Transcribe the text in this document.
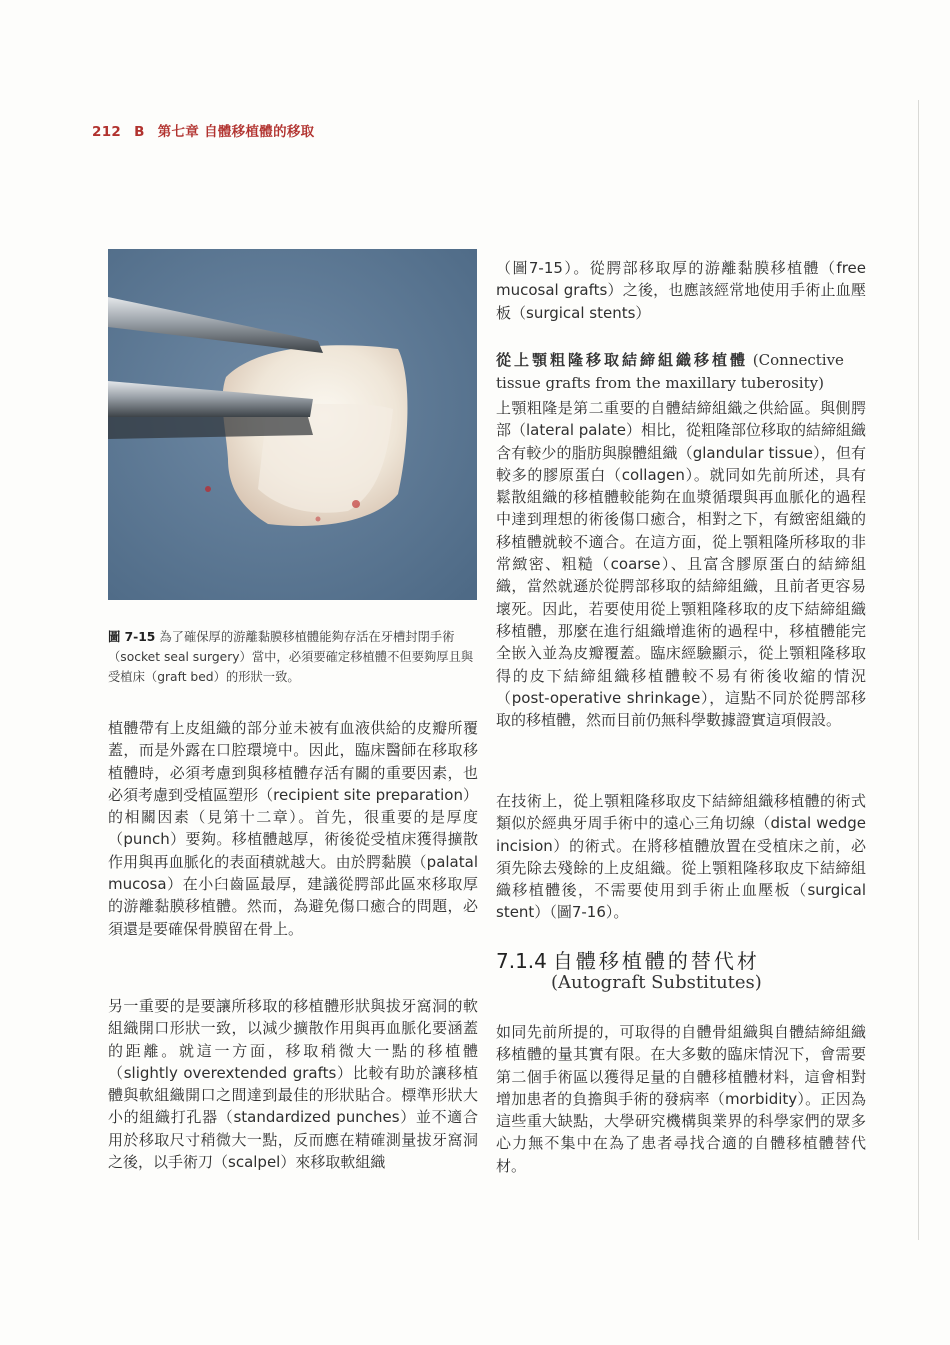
212 B 第七章 自體移植體的移取
圖 7-15 為了確保厚的游離黏膜移植體能夠存活在牙槽封閉手術（socket seal surgery）當中，必須要確定移植體不但要夠厚且與受植床（graft bed）的形狀一致。
植體帶有上皮組織的部分並未被有血液供給的皮瓣所覆蓋，而是外露在口腔環境中。因此，臨床醫師在移取移植體時，必須考慮到與移植體存活有關的重要因素，也必須考慮到受植區塑形（recipient site preparation）的相關因素（見第十二章）。首先，很重要的是厚度（punch）要夠。移植體越厚，術後從受植床獲得擴散作用與再血脈化的表面積就越大。由於腭黏膜（palatal mucosa）在小臼齒區最厚，建議從腭部此區來移取厚的游離黏膜移植體。然而，為避免傷口癒合的問題，必須還是要確保骨膜留在骨上。
另一重要的是要讓所移取的移植體形狀與拔牙窩洞的軟組織開口形狀一致，以減少擴散作用與再血脈化要涵蓋的距離。就這一方面，移取稍微大一點的移植體（slightly overextended grafts）比較有助於讓移植體與軟組織開口之間達到最佳的形狀貼合。標準形狀大小的組織打孔器（standardized punches）並不適合用於移取尺寸稍微大一點，反而應在精確測量拔牙窩洞之後，以手術刀（scalpel）來移取軟組織
（圖7-15）。從腭部移取厚的游離黏膜移植體（free mucosal grafts）之後，也應該經常地使用手術止血壓板（surgical stents）
從上顎粗隆移取結締組織移植體 (Connective tissue grafts from the maxillary tuberosity)
上顎粗隆是第二重要的自體結締組織之供給區。與側腭部（lateral palate）相比，從粗隆部位移取的結締組織含有較少的脂肪與腺體組織（glandular tissue），但有較多的膠原蛋白（collagen）。就同如先前所述，具有鬆散組織的移植體較能夠在血漿循環與再血脈化的過程中達到理想的術後傷口癒合，相對之下，有緻密組織的移植體就較不適合。在這方面，從上顎粗隆所移取的非常緻密、粗糙（coarse）、且富含膠原蛋白的結締組織，當然就遜於從腭部移取的結締組織，且前者更容易壞死。因此，若要使用從上顎粗隆移取的皮下結締組織移植體，那麼在進行組織增進術的過程中，移植體能完全嵌入並為皮瓣覆蓋。臨床經驗顯示，從上顎粗隆移取得的皮下結締組織移植體較不易有術後收縮的情況（post-operative shrinkage），這點不同於從腭部移取的移植體，然而目前仍無科學數據證實這項假設。
在技術上，從上顎粗隆移取皮下結締組織移植體的術式類似於經典牙周手術中的遠心三角切線（distal wedge incision）的術式。在將移植體放置在受植床之前，必須先除去殘餘的上皮組織。從上顎粗隆移取皮下結締組織移植體後，不需要使用到手術止血壓板（surgical stent）（圖7-16）。
7.1.4 自體移植體的替代材
(Autograft Substitutes)
如同先前所提的，可取得的自體骨組織與自體結締組織移植體的量其實有限。在大多數的臨床情況下，會需要第二個手術區以獲得足量的自體移植體材料，這會相對增加患者的負擔與手術的發病率（morbidity）。正因為這些重大缺點，大學研究機構與業界的科學家們的眾多心力無不集中在為了患者尋找合適的自體移植體替代材。
